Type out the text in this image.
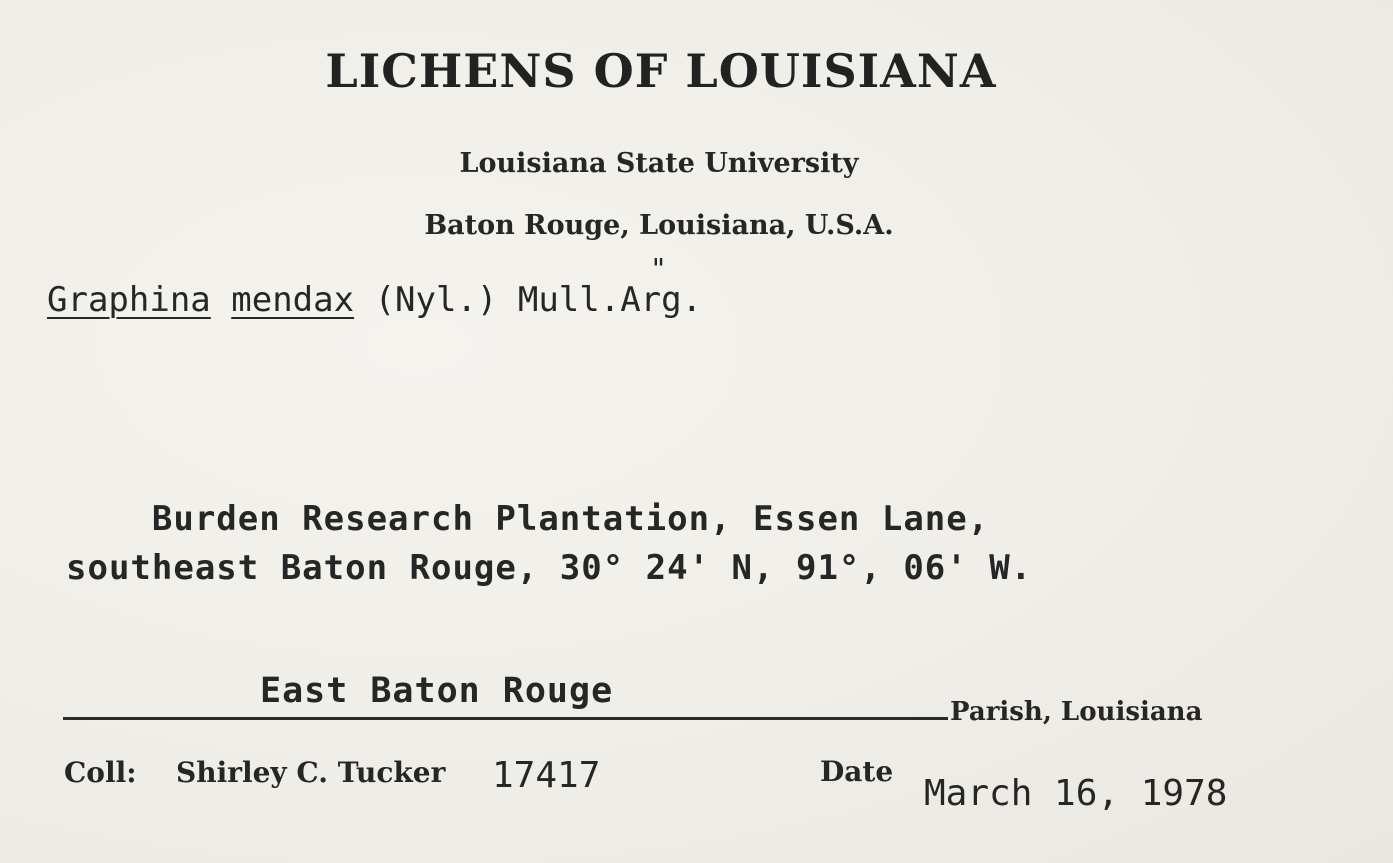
LICHENS OF LOUISIANA
Louisiana State University
Baton Rouge, Louisiana, U.S.A.
"
Graphina mendax (Nyl.) Mull.Arg.
Burden Research Plantation, Essen Lane,
southeast Baton Rouge, 30° 24' N, 91°, 06' W.
East Baton Rouge
Parish, Louisiana
Coll: Shirley C. Tucker 17417	Date
March 16, 1978
